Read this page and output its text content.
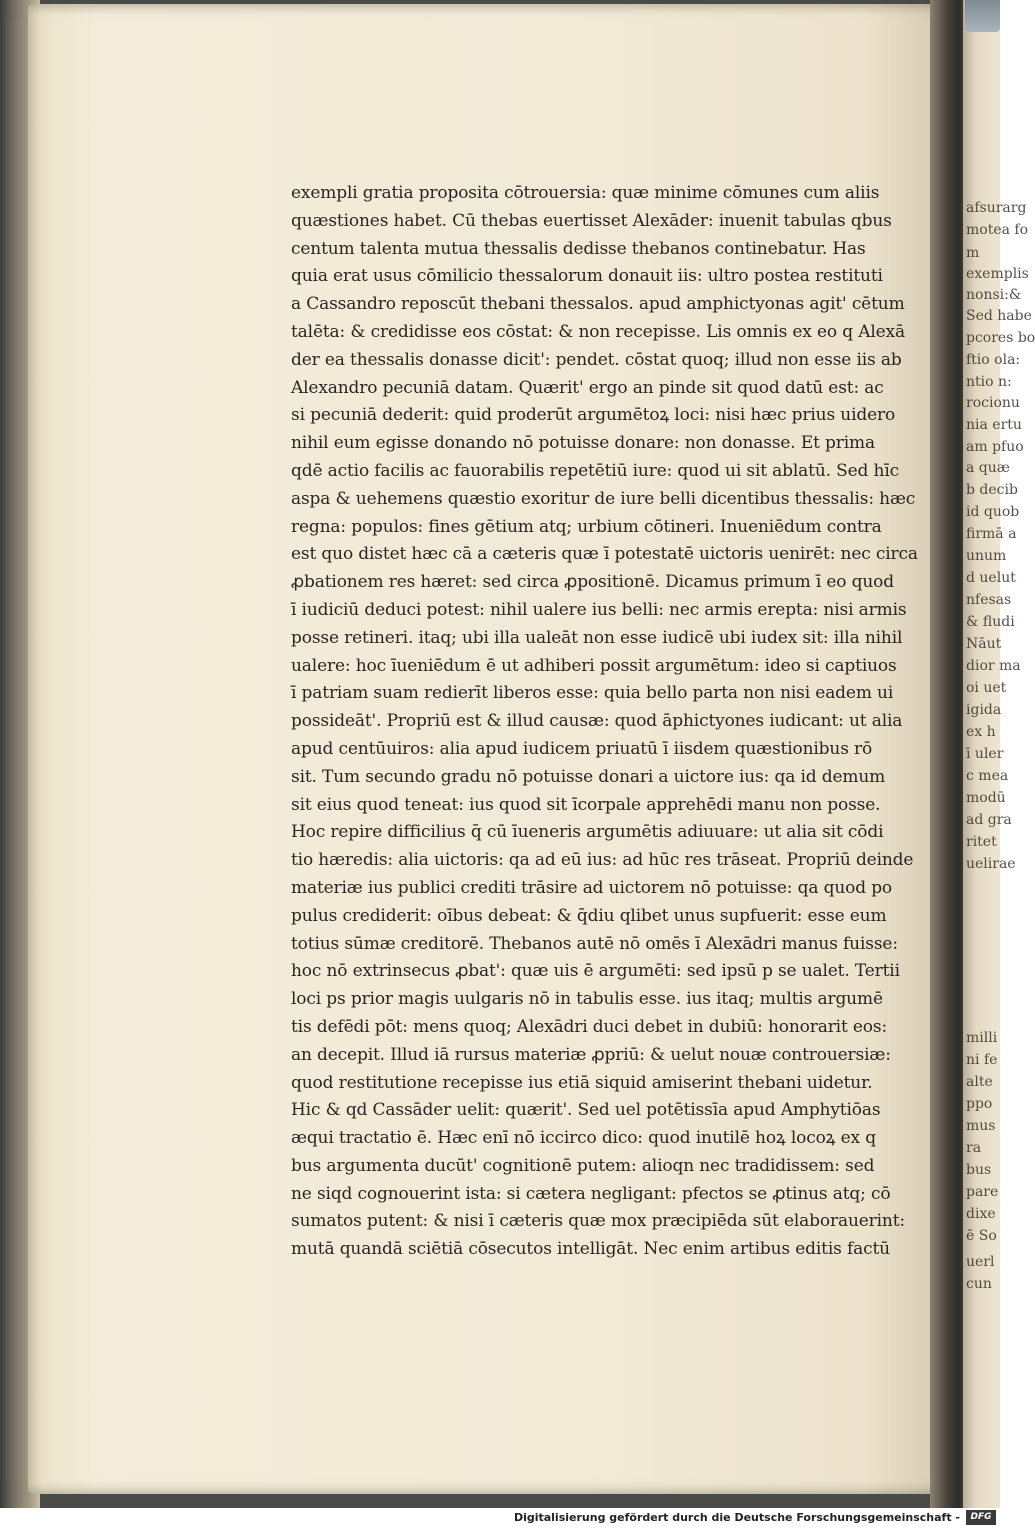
afsurarg
motea fo
m
exemplis
nonsi:&
Sed habe
pcores bo
ftio ola:
ntio n:
rocionu
nia ertu
am pfuo
a quæ
b decib
id quob
firmā a
unum
d uelut
nfesas
& fludi
Nāut
dior ma
oi uet
igida
ex h
ī uler
c mea
modū
ad gra
ritet
uelirae
milli
ni fe
alte
ppo
mus
ra
bus
pare
dixe
ē So
uerl
cun
exempli gratia proposita cōtrouersia: quæ minime cōmunes cum aliis
quæstiones habet. Cū thebas euertisset Alexāder: inuenit tabulas qbus
centum talenta mutua thessalis dedisse thebanos continebatur. Has
quia erat usus cōmilicio thessalorum donauit iis: ultro postea restituti
a Cassandro reposcūt thebani thessalos. apud amphictyonas agit' cētum
talēta: & credidisse eos cōstat: & non recepisse. Lis omnis ex eo q Alexā
der ea thessalis donasse dicit': pendet. cōstat quoq; illud non esse iis ab
Alexandro pecuniā datam. Quærit' ergo an pinde sit quod datū est: ac
si pecuniā dederit: quid proderūt argumētoꝝ loci: nisi hæc prius uidero
nihil eum egisse donando nō potuisse donare: non donasse. Et prima
qdē actio facilis ac fauorabilis repetētiū iure: quod ui sit ablatū. Sed hīc
aspa & uehemens quæstio exoritur de iure belli dicentibus thessalis: hæc
regna: populos: fines gētium atq; urbium cōtineri. Inueniēdum contra
est quo distet hæc cā a cæteris quæ ī potestatē uictoris uenirēt: nec circa
ꝓbationem res hæret: sed circa ꝓpositionē. Dicamus primum ī eo quod
ī iudiciū deduci potest: nihil ualere ius belli: nec armis erepta: nisi armis
posse retineri. itaq; ubi illa ualeāt non esse iudicē ubi iudex sit: illa nihil
ualere: hoc īueniēdum ē ut adhiberi possit argumētum: ideo si captiuos
ī patriam suam redierīt liberos esse: quia bello parta non nisi eadem ui
possideāt'. Propriū est & illud causæ: quod āphictyones iudicant: ut alia
apud centūuiros: alia apud iudicem priuatū ī iisdem quæstionibus rō
sit. Tum secundo gradu nō potuisse donari a uictore ius: qa id demum
sit eius quod teneat: ius quod sit īcorpale apprehēdi manu non posse.
Hoc repire difficilius q̄ cū īueneris argumētis adiuuare: ut alia sit cōdi
tio hæredis: alia uictoris: qa ad eū ius: ad hūc res trāseat. Propriū deinde
materiæ ius publici crediti trāsire ad uictorem nō potuisse: qa quod po
pulus crediderit: oībus debeat: & q̄diu qlibet unus supfuerit: esse eum
totius sūmæ creditorē. Thebanos autē nō omēs ī Alexādri manus fuisse:
hoc nō extrinsecus ꝓbat': quæ uis ē argumēti: sed ipsū p se ualet. Tertii
loci ps prior magis uulgaris nō in tabulis esse. ius itaq; multis argumē
tis defēdi pōt: mens quoq; Alexādri duci debet in dubiū: honorarit eos:
an decepit. Illud iā rursus materiæ ꝓpriū: & uelut nouæ controuersiæ:
quod restitutione recepisse ius etiā siquid amiserint thebani uidetur.
Hic & qd Cassāder uelit: quærit'. Sed uel potētissīa apud Amphytiōas
æqui tractatio ē. Hæc enī nō iccirco dico: quod inutilē hoꝝ locoꝝ ex q
bus argumenta ducūt' cognitionē putem: alioqn nec tradidissem: sed
ne siqd cognouerint ista: si cætera negligant: pfectos se ꝓtinus atq; cō
sumatos putent: & nisi ī cæteris quæ mox præcipiēda sūt elaborauerint:
mutā quandā sciētiā cōsecutos intelligāt. Nec enim artibus editis factū
Digitalisierung gefördert durch die Deutsche Forschungsgemeinschaft -	DFG
